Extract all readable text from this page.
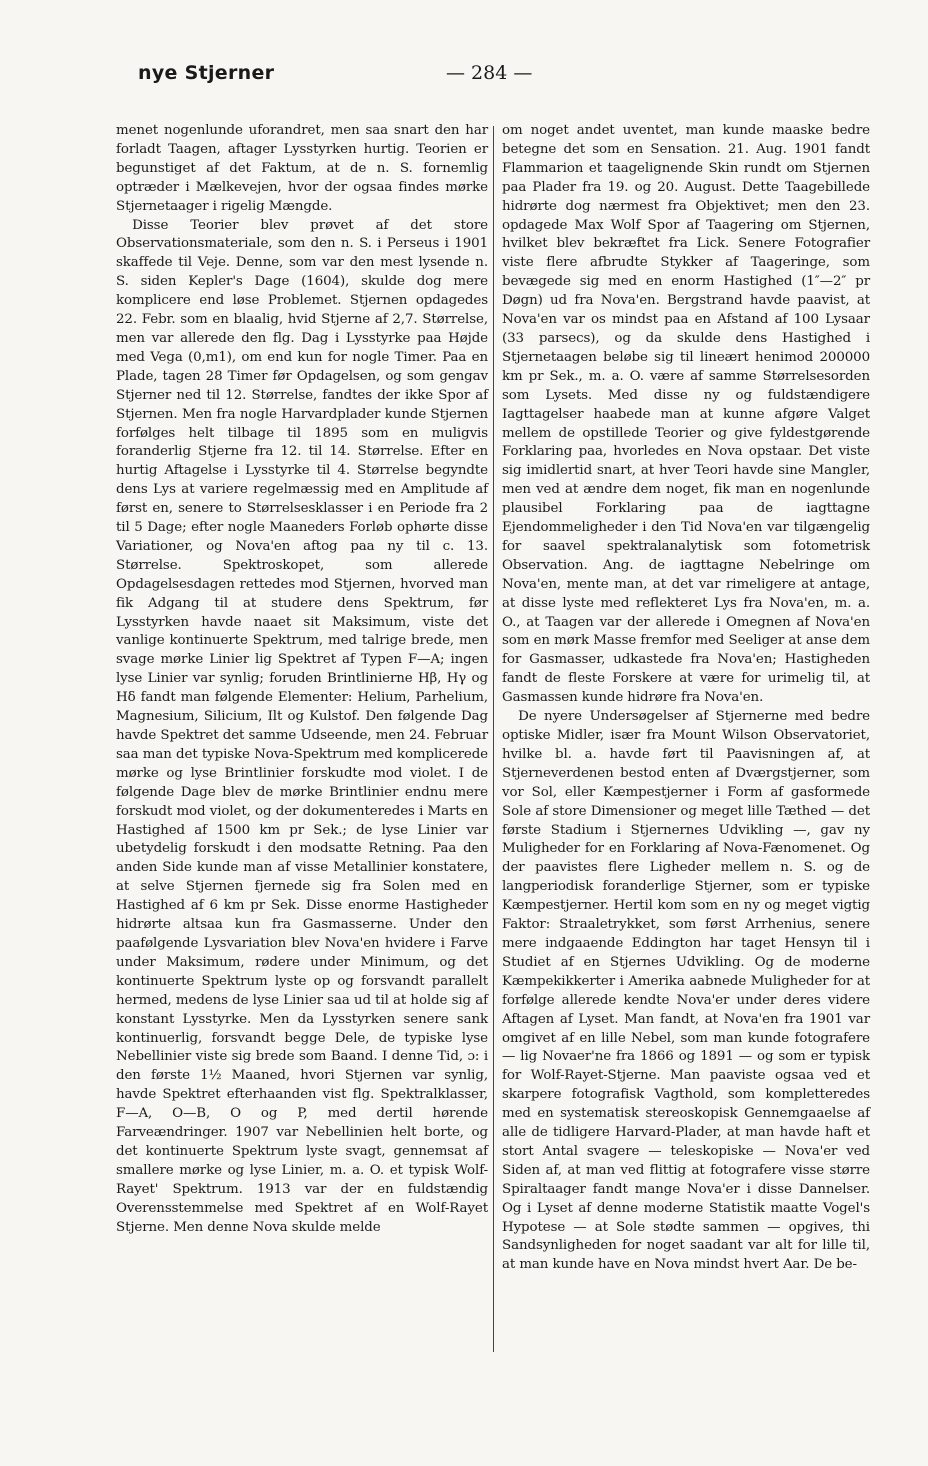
nye Stjerner	— 284 —

menet nogenlunde uforandret, men saa snart den har forladt Taagen, aftager Lysstyrken hurtig. Teorien er begunstiget af det Faktum, at de n. S. fornemlig optræder i Mælkevejen, hvor der ogsaa findes mørke Stjernetaager i rigelig Mængde.

Disse Teorier blev prøvet af det store Observationsmateriale, som den n. S. i Perseus i 1901 skaffede til Veje. Denne, som var den mest lysende n. S. siden Kepler's Dage (1604), skulde dog mere komplicere end løse Problemet. Stjernen opdagedes 22. Febr. som en blaalig, hvid Stjerne af 2,7. Størrelse, men var allerede den flg. Dag i Lysstyrke paa Højde med Vega (0,m1), om end kun for nogle Timer. Paa en Plade, tagen 28 Timer før Opdagelsen, og som gengav Stjerner ned til 12. Størrelse, fandtes der ikke Spor af Stjernen. Men fra nogle Harvardplader kunde Stjernen forfølges helt tilbage til 1895 som en muligvis foranderlig Stjerne fra 12. til 14. Størrelse. Efter en hurtig Aftagelse i Lysstyrke til 4. Størrelse begyndte dens Lys at variere regelmæssig med en Amplitude af først en, senere to Størrelsesklasser i en Periode fra 2 til 5 Dage; efter nogle Maaneders Forløb ophørte disse Variationer, og Nova'en aftog paa ny til c. 13. Størrelse. Spektroskopet, som allerede Opdagelsesdagen rettedes mod Stjernen, hvorved man fik Adgang til at studere dens Spektrum, før Lysstyrken havde naaet sit Maksimum, viste det vanlige kontinuerte Spektrum, med talrige brede, men svage mørke Linier lig Spektret af Typen F—A; ingen lyse Linier var synlig; foruden Brintlinierne Hβ, Hγ og Hδ fandt man følgende Elementer: Helium, Parhelium, Magnesium, Silicium, Ilt og Kulstof. Den følgende Dag havde Spektret det samme Udseende, men 24. Februar saa man det typiske Nova-Spektrum med komplicerede mørke og lyse Brintlinier forskudte mod violet. I de følgende Dage blev de mørke Brintlinier endnu mere forskudt mod violet, og der dokumenteredes i Marts en Hastighed af 1500 km pr Sek.; de lyse Linier var ubetydelig forskudt i den modsatte Retning. Paa den anden Side kunde man af visse Metallinier konstatere, at selve Stjernen fjernede sig fra Solen med en Hastighed af 6 km pr Sek. Disse enorme Hastigheder hidrørte altsaa kun fra Gasmasserne. Under den paafølgende Lysvariation blev Nova'en hvidere i Farve under Maksimum, rødere under Minimum, og det kontinuerte Spektrum lyste op og forsvandt parallelt hermed, medens de lyse Linier saa ud til at holde sig af konstant Lysstyrke. Men da Lysstyrken senere sank kontinuerlig, forsvandt begge Dele, de typiske lyse Nebellinier viste sig brede som Baand. I denne Tid, ɔ: i den første 1½ Maaned, hvori Stjernen var synlig, havde Spektret efterhaanden vist flg. Spektralklasser, F—A, O—B, O og P, med dertil hørende Farveændringer. 1907 var Nebellinien helt borte, og det kontinuerte Spektrum lyste svagt, gennemsat af smallere mørke og lyse Linier, m. a. O. et typisk Wolf-Rayet' Spektrum. 1913 var der en fuldstændig Overensstemmelse med Spektret af en Wolf-Rayet Stjerne. Men denne Nova skulde melde

om noget andet uventet, man kunde maaske bedre betegne det som en Sensation. 21. Aug. 1901 fandt Flammarion et taagelignende Skin rundt om Stjernen paa Plader fra 19. og 20. August. Dette Taagebillede hidrørte dog nærmest fra Objektivet; men den 23. opdagede Max Wolf Spor af Taagering om Stjernen, hvilket blev bekræftet fra Lick. Senere Fotografier viste flere afbrudte Stykker af Taageringe, som bevægede sig med en enorm Hastighed (1″—2″ pr Døgn) ud fra Nova'en. Bergstrand havde paavist, at Nova'en var os mindst paa en Afstand af 100 Lysaar (33 parsecs), og da skulde dens Hastighed i Stjernetaagen beløbe sig til lineært henimod 200000 km pr Sek., m. a. O. være af samme Størrelsesorden som Lysets. Med disse ny og fuldstændigere Iagttagelser haabede man at kunne afgøre Valget mellem de opstillede Teorier og give fyldestgørende Forklaring paa, hvorledes en Nova opstaar. Det viste sig imidlertid snart, at hver Teori havde sine Mangler, men ved at ændre dem noget, fik man en nogenlunde plausibel Forklaring paa de iagttagne Ejendommeligheder i den Tid Nova'en var tilgængelig for saavel spektralanalytisk som fotometrisk Observation. Ang. de iagttagne Nebelringe om Nova'en, mente man, at det var rimeligere at antage, at disse lyste med reflekteret Lys fra Nova'en, m. a. O., at Taagen var der allerede i Omegnen af Nova'en som en mørk Masse fremfor med Seeliger at anse dem for Gasmasser, udkastede fra Nova'en; Hastigheden fandt de fleste Forskere at være for urimelig til, at Gasmassen kunde hidrøre fra Nova'en.

De nyere Undersøgelser af Stjernerne med bedre optiske Midler, især fra Mount Wilson Observatoriet, hvilke bl. a. havde ført til Paavisningen af, at Stjerneverdenen bestod enten af Dværgstjerner, som vor Sol, eller Kæmpestjerner i Form af gasformede Sole af store Dimensioner og meget lille Tæthed — det første Stadium i Stjernernes Udvikling —, gav ny Muligheder for en Forklaring af Nova-Fænomenet. Og der paavistes flere Ligheder mellem n. S. og de langperiodisk foranderlige Stjerner, som er typiske Kæmpestjerner. Hertil kom som en ny og meget vigtig Faktor: Straaletrykket, som først Arrhenius, senere mere indgaaende Eddington har taget Hensyn til i Studiet af en Stjernes Udvikling. Og de moderne Kæmpekikkerter i Amerika aabnede Muligheder for at forfølge allerede kendte Nova'er under deres videre Aftagen af Lyset. Man fandt, at Nova'en fra 1901 var omgivet af en lille Nebel, som man kunde fotografere — lig Novaer'ne fra 1866 og 1891 — og som er typisk for Wolf-Rayet-Stjerne. Man paaviste ogsaa ved et skarpere fotografisk Vagthold, som kompletteredes med en systematisk stereoskopisk Gennemgaaelse af alle de tidligere Harvard-Plader, at man havde haft et stort Antal svagere — teleskopiske — Nova'er ved Siden af, at man ved flittig at fotografere visse større Spiraltaager fandt mange Nova'er i disse Dannelser. Og i Lyset af denne moderne Statistik maatte Vogel's Hypotese — at Sole stødte sammen — opgives, thi Sandsynligheden for noget saadant var alt for lille til, at man kunde have en Nova mindst hvert Aar. De be-
